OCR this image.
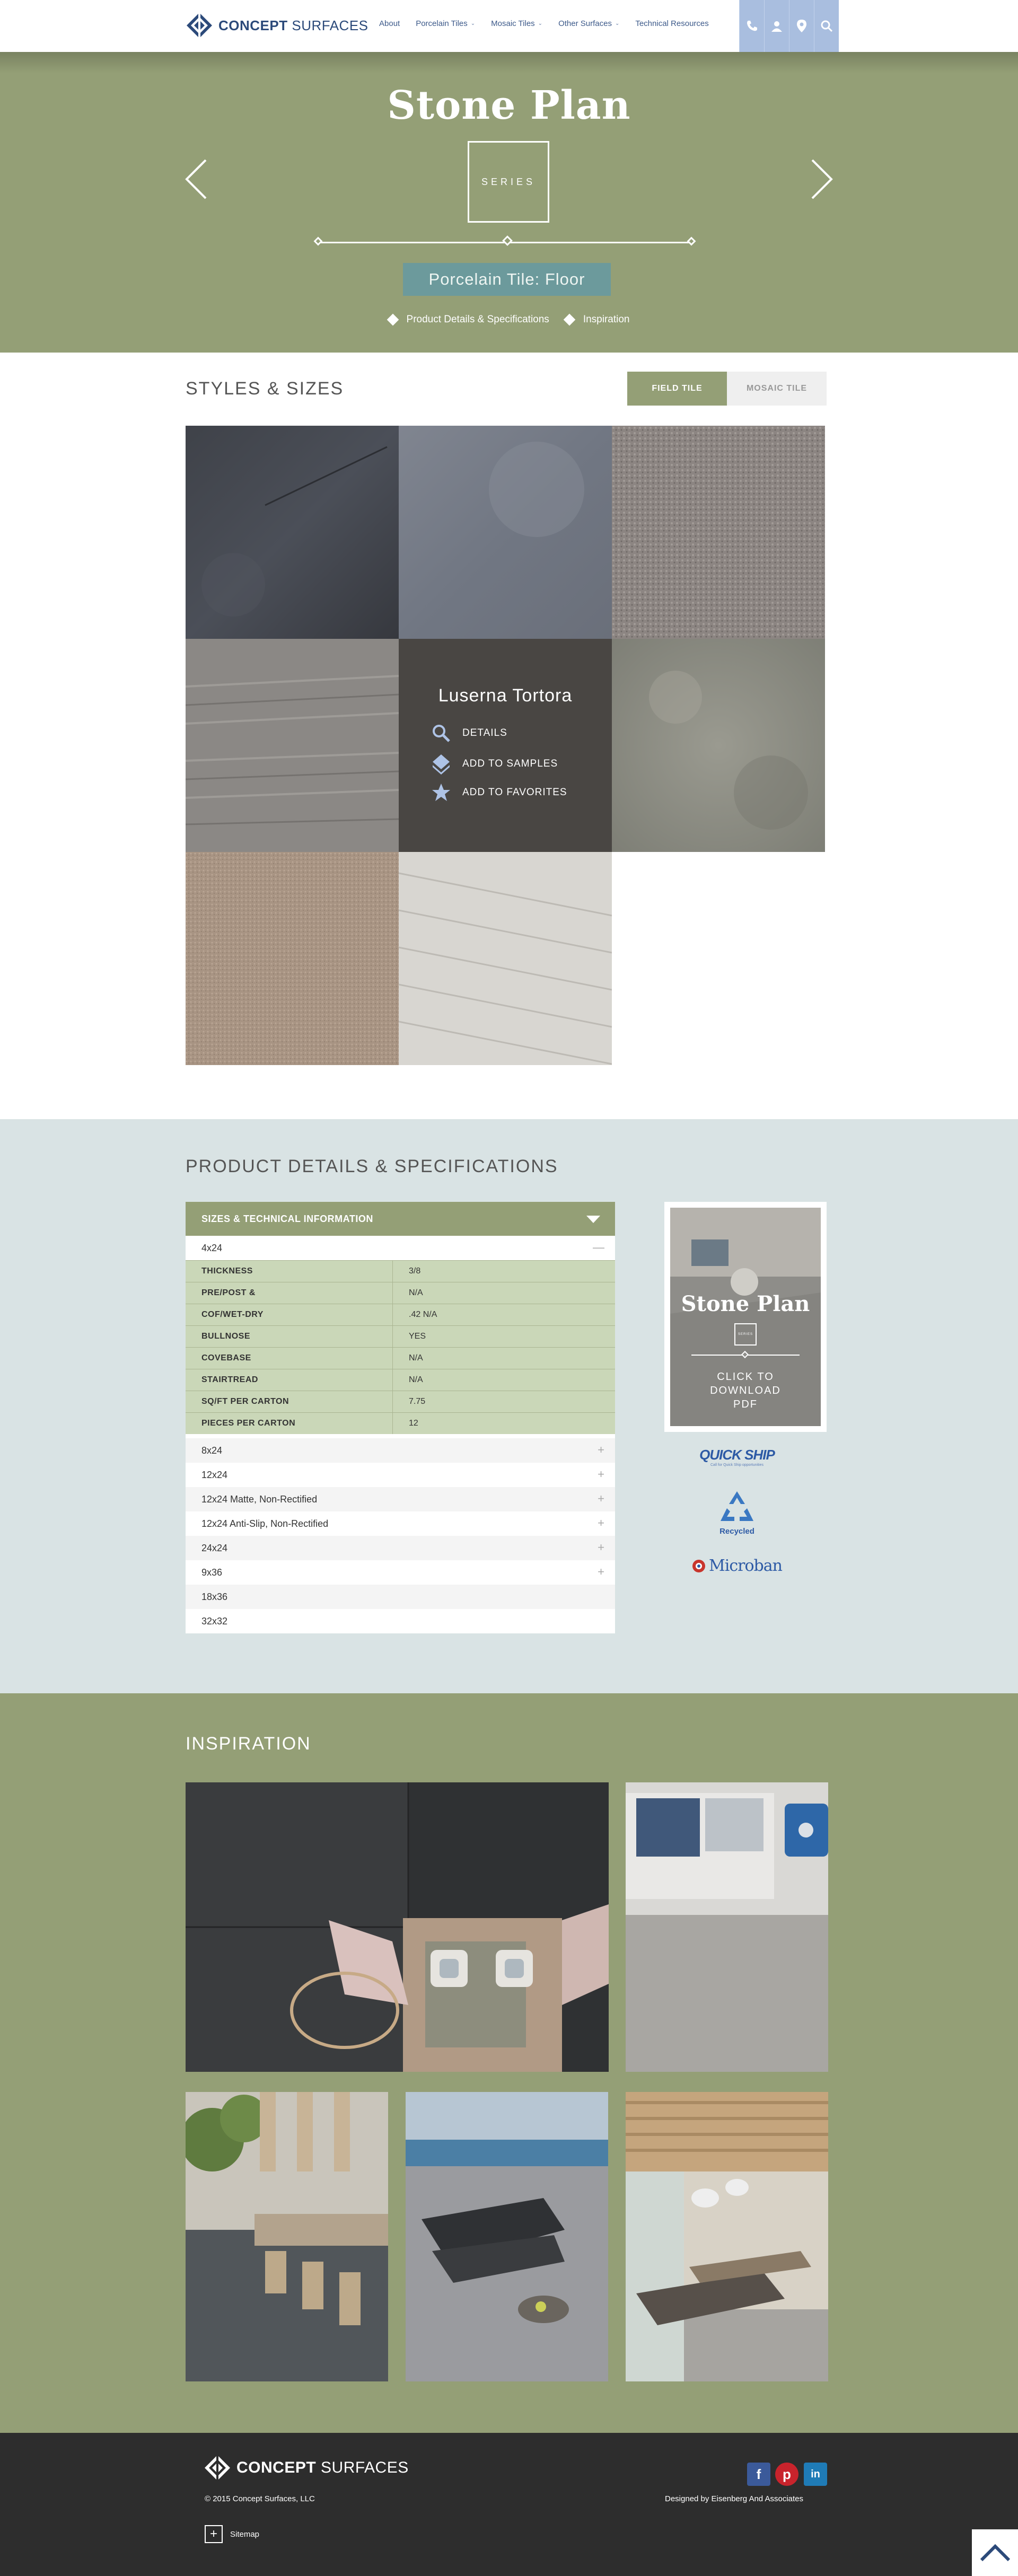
CONCEPT SURFACES About Porcelain Tiles ⌄ Mosaic Tiles ⌄ Other Surfaces ⌄ Technical Resources
Stone Plan
SERIES
Porcelain Tile: Floor
Product Details & Specifications	Inspiration
STYLES & SIZES	FIELD TILE	MOSAIC TILE
Luserna Tortora
DETAILS
ADD TO SAMPLES
ADD TO FAVORITES
PRODUCT DETAILS & SPECIFICATIONS
SIZES & TECHNICAL INFORMATION
4x24	—
THICKNESS	3/8
PRE/POST &	N/A
COF/WET-DRY	.42 N/A
BULLNOSE	YES
COVEBASE	N/A
STAIRTREAD	N/A
SQ/FT PER CARTON	7.75
PIECES PER CARTON	12
8x24	+
12x24	+
12x24 Matte, Non-Rectified	+
12x24 Anti-Slip, Non-Rectified	+
24x24	+
9x36	+
18x36
32x32
Stone Plan
SERIES
CLICK TO DOWNLOAD PDF
QUICK SHIP
Call for Quick Ship opportunities
Recycled
Microban
INSPIRATION
CONCEPT SURFACES
© 2015 Concept Surfaces, LLC	Designed by Eisenberg And Associates
f	p	in
+	Sitemap
